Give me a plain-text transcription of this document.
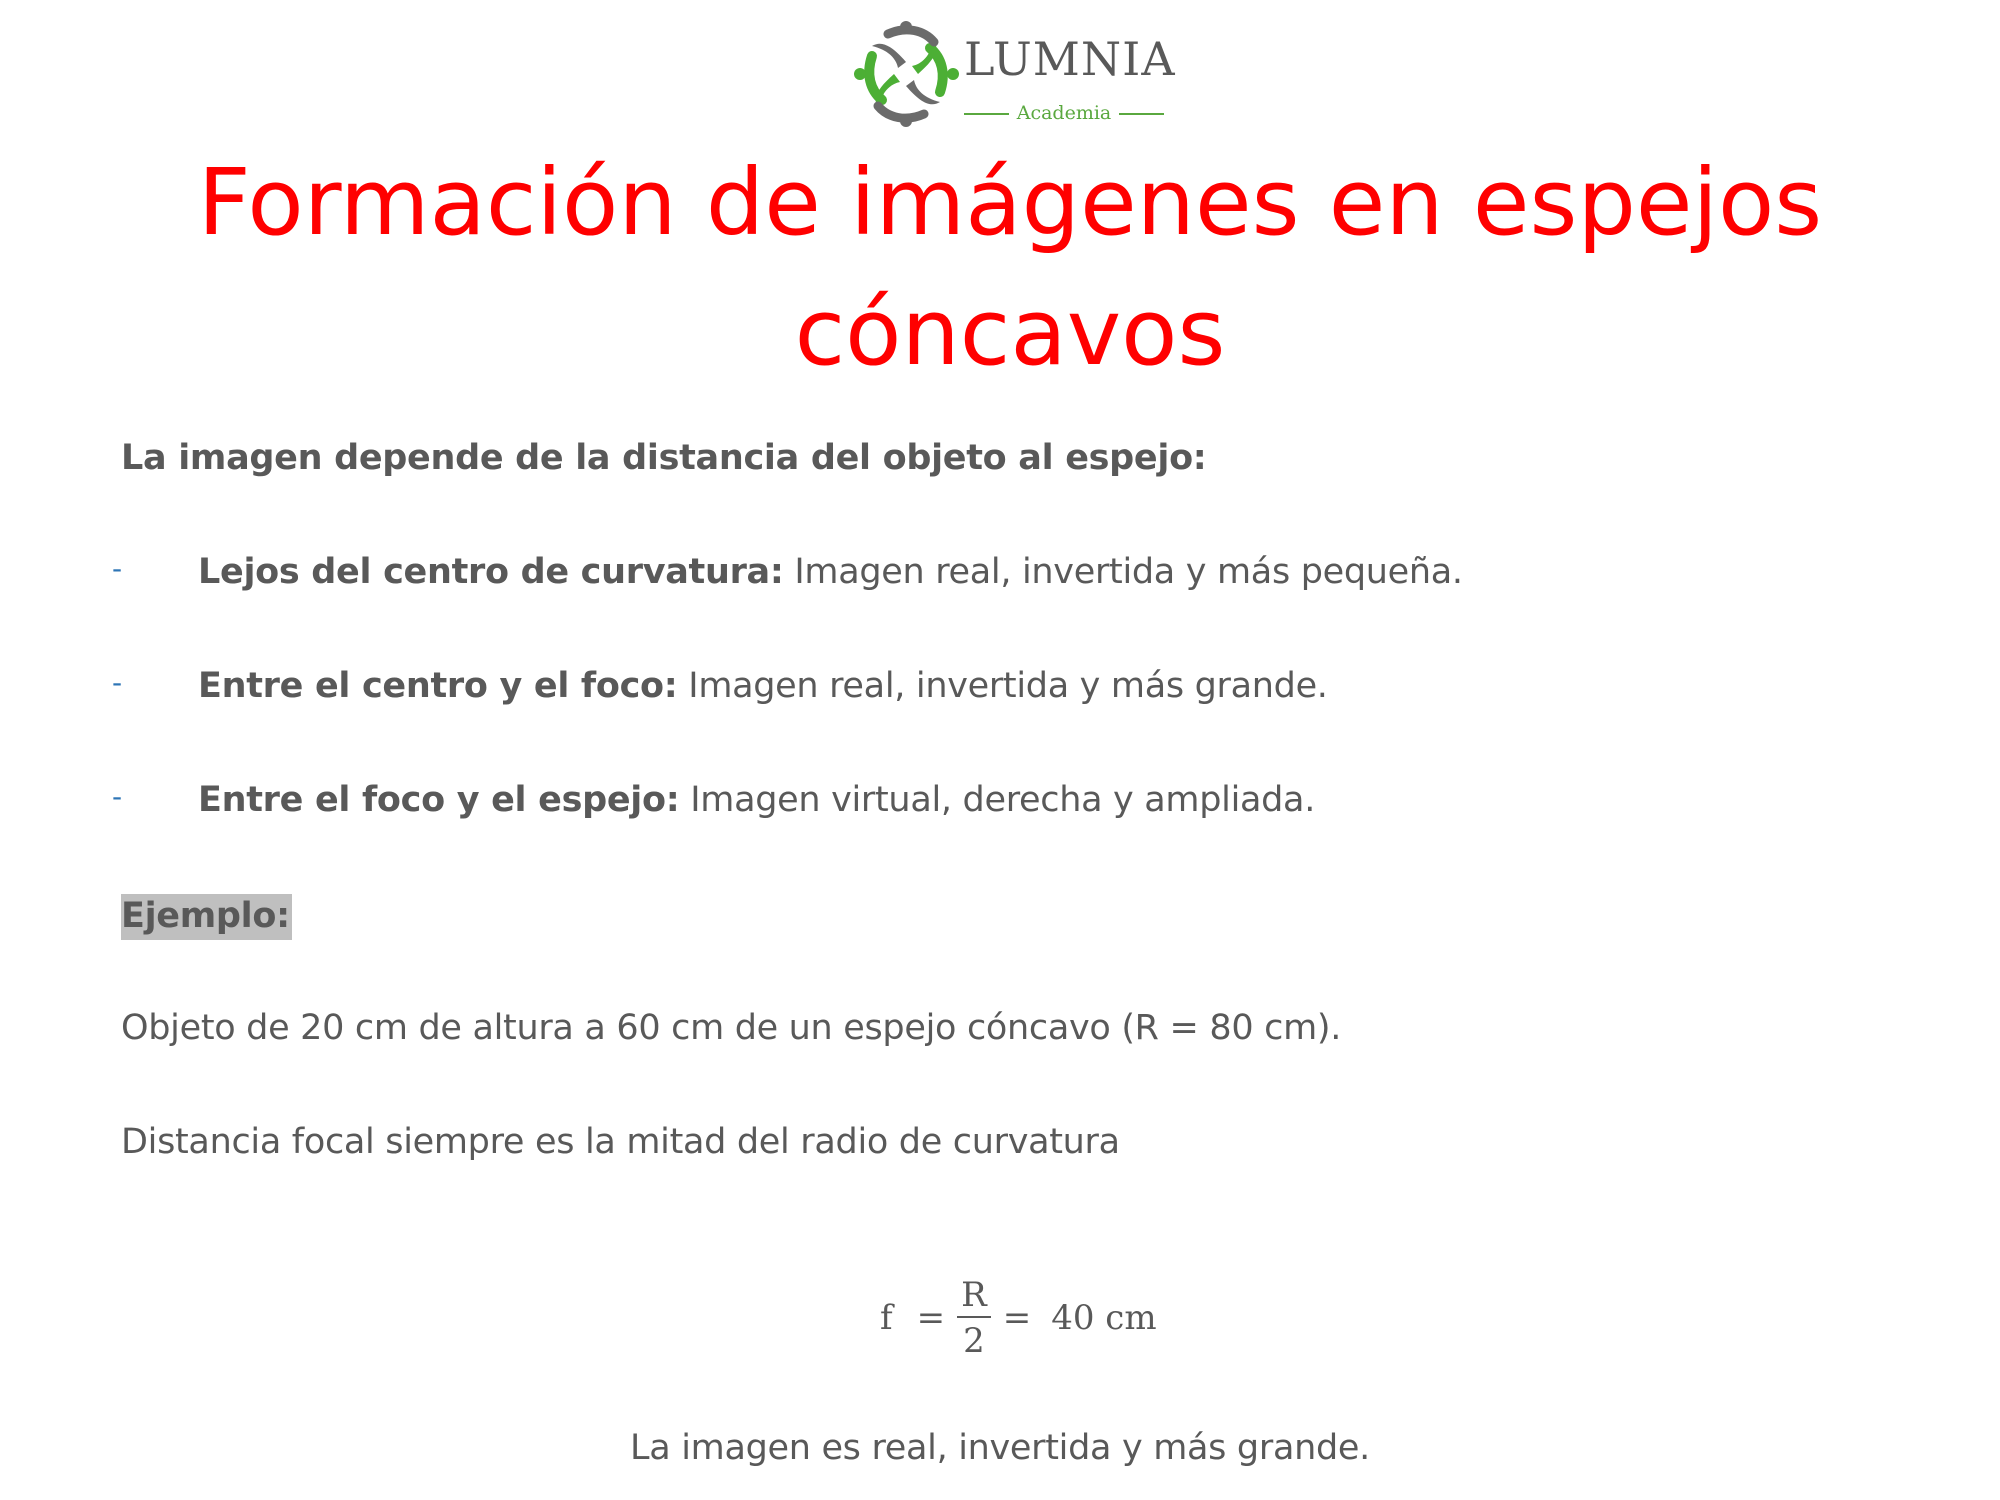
LUMNIA
Academia
Formación de imágenes en espejos
cóncavos
La imagen depende de la distancia del objeto al espejo:
- Lejos del centro de curvatura: Imagen real, invertida y más pequeña.
- Entre el centro y el foco: Imagen real, invertida y más grande.
- Entre el foco y el espejo: Imagen virtual, derecha y ampliada.
Ejemplo:
Objeto de 20 cm de altura a 60 cm de un espejo cóncavo (R = 80 cm).
Distancia focal siempre es la mitad del radio de curvatura
$f = \frac{R}{2} = 40$ cm
La imagen es real, invertida y más grande.
